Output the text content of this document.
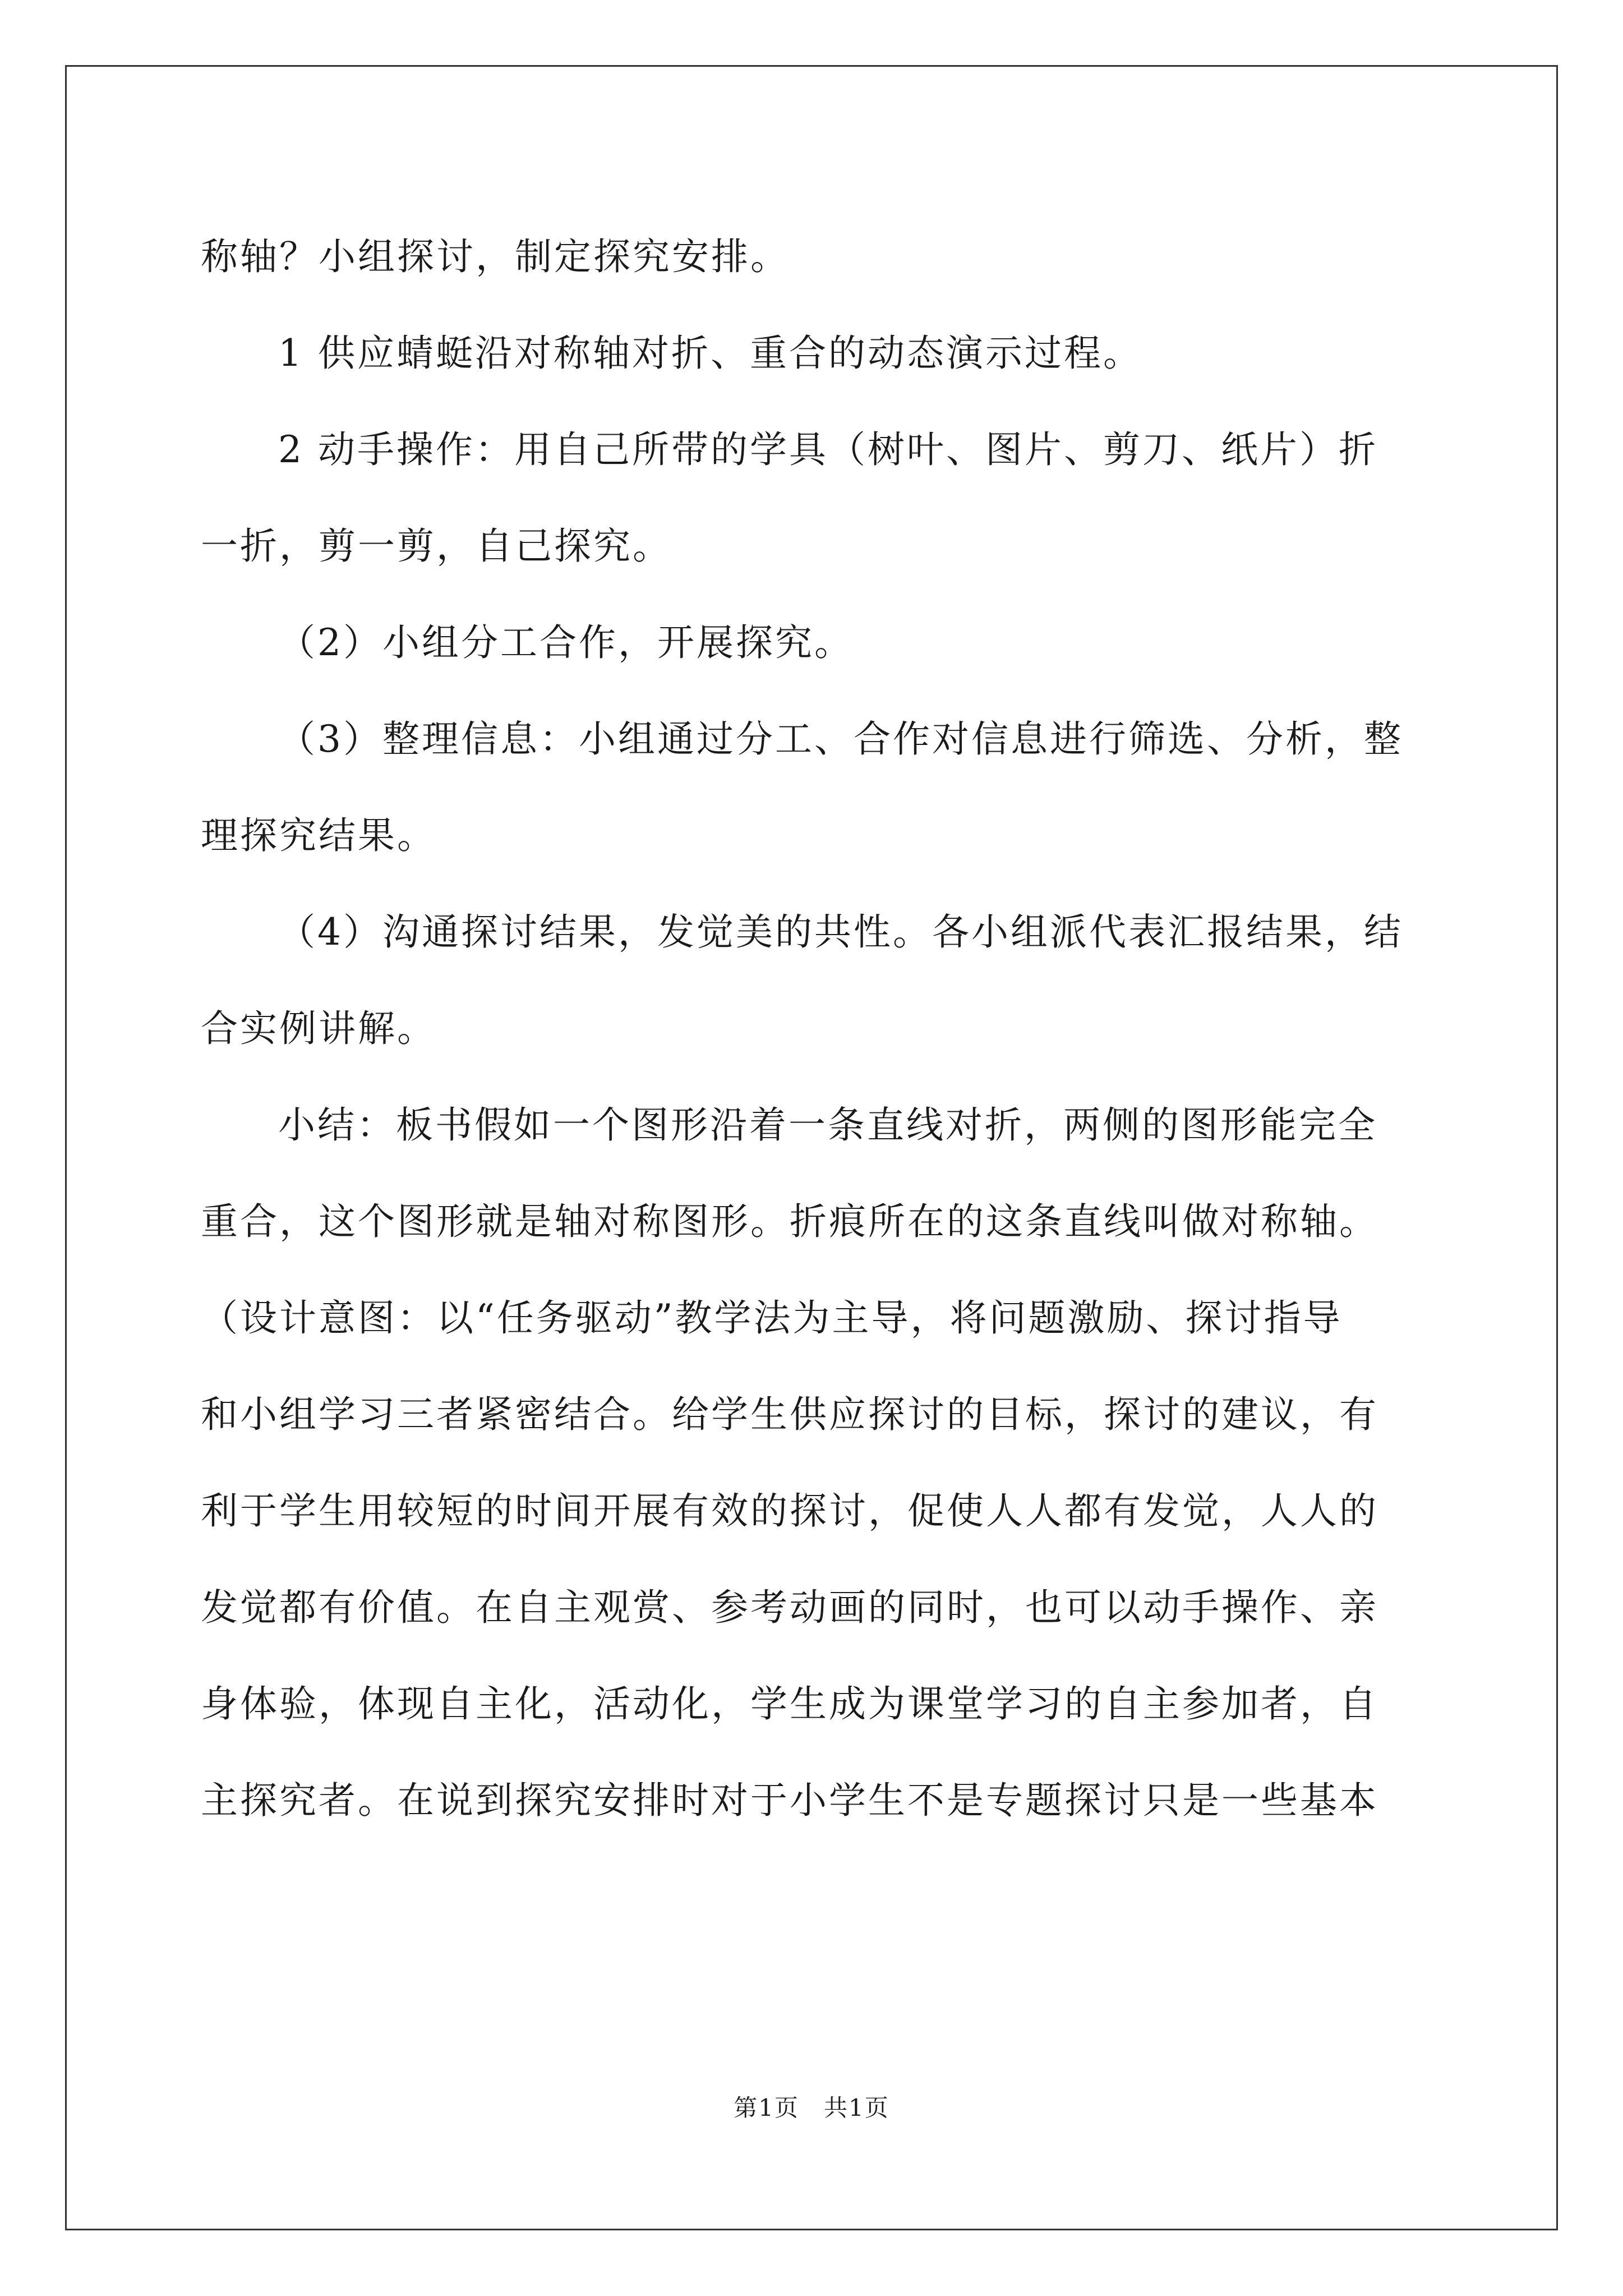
称轴？小组探讨，制定探究安排。

1 供应蜻蜓沿对称轴对折、重合的动态演示过程。

2 动手操作：用自己所带的学具（树叶、图片、剪刀、纸片）折

一折，剪一剪，自己探究。

（2）小组分工合作，开展探究。

（3）整理信息：小组通过分工、合作对信息进行筛选、分析，整

理探究结果。

（4）沟通探讨结果，发觉美的共性。各小组派代表汇报结果，结

合实例讲解。

小结：板书假如一个图形沿着一条直线对折，两侧的图形能完全

重合，这个图形就是轴对称图形。折痕所在的这条直线叫做对称轴。

（设计意图：以“任务驱动”教学法为主导，将问题激励、探讨指导

和小组学习三者紧密结合。给学生供应探讨的目标，探讨的建议，有

利于学生用较短的时间开展有效的探讨，促使人人都有发觉，人人的

发觉都有价值。在自主观赏、参考动画的同时，也可以动手操作、亲

身体验，体现自主化，活动化，学生成为课堂学习的自主参加者，自

主探究者。在说到探究安排时对于小学生不是专题探讨只是一些基本

第1页　共1页
